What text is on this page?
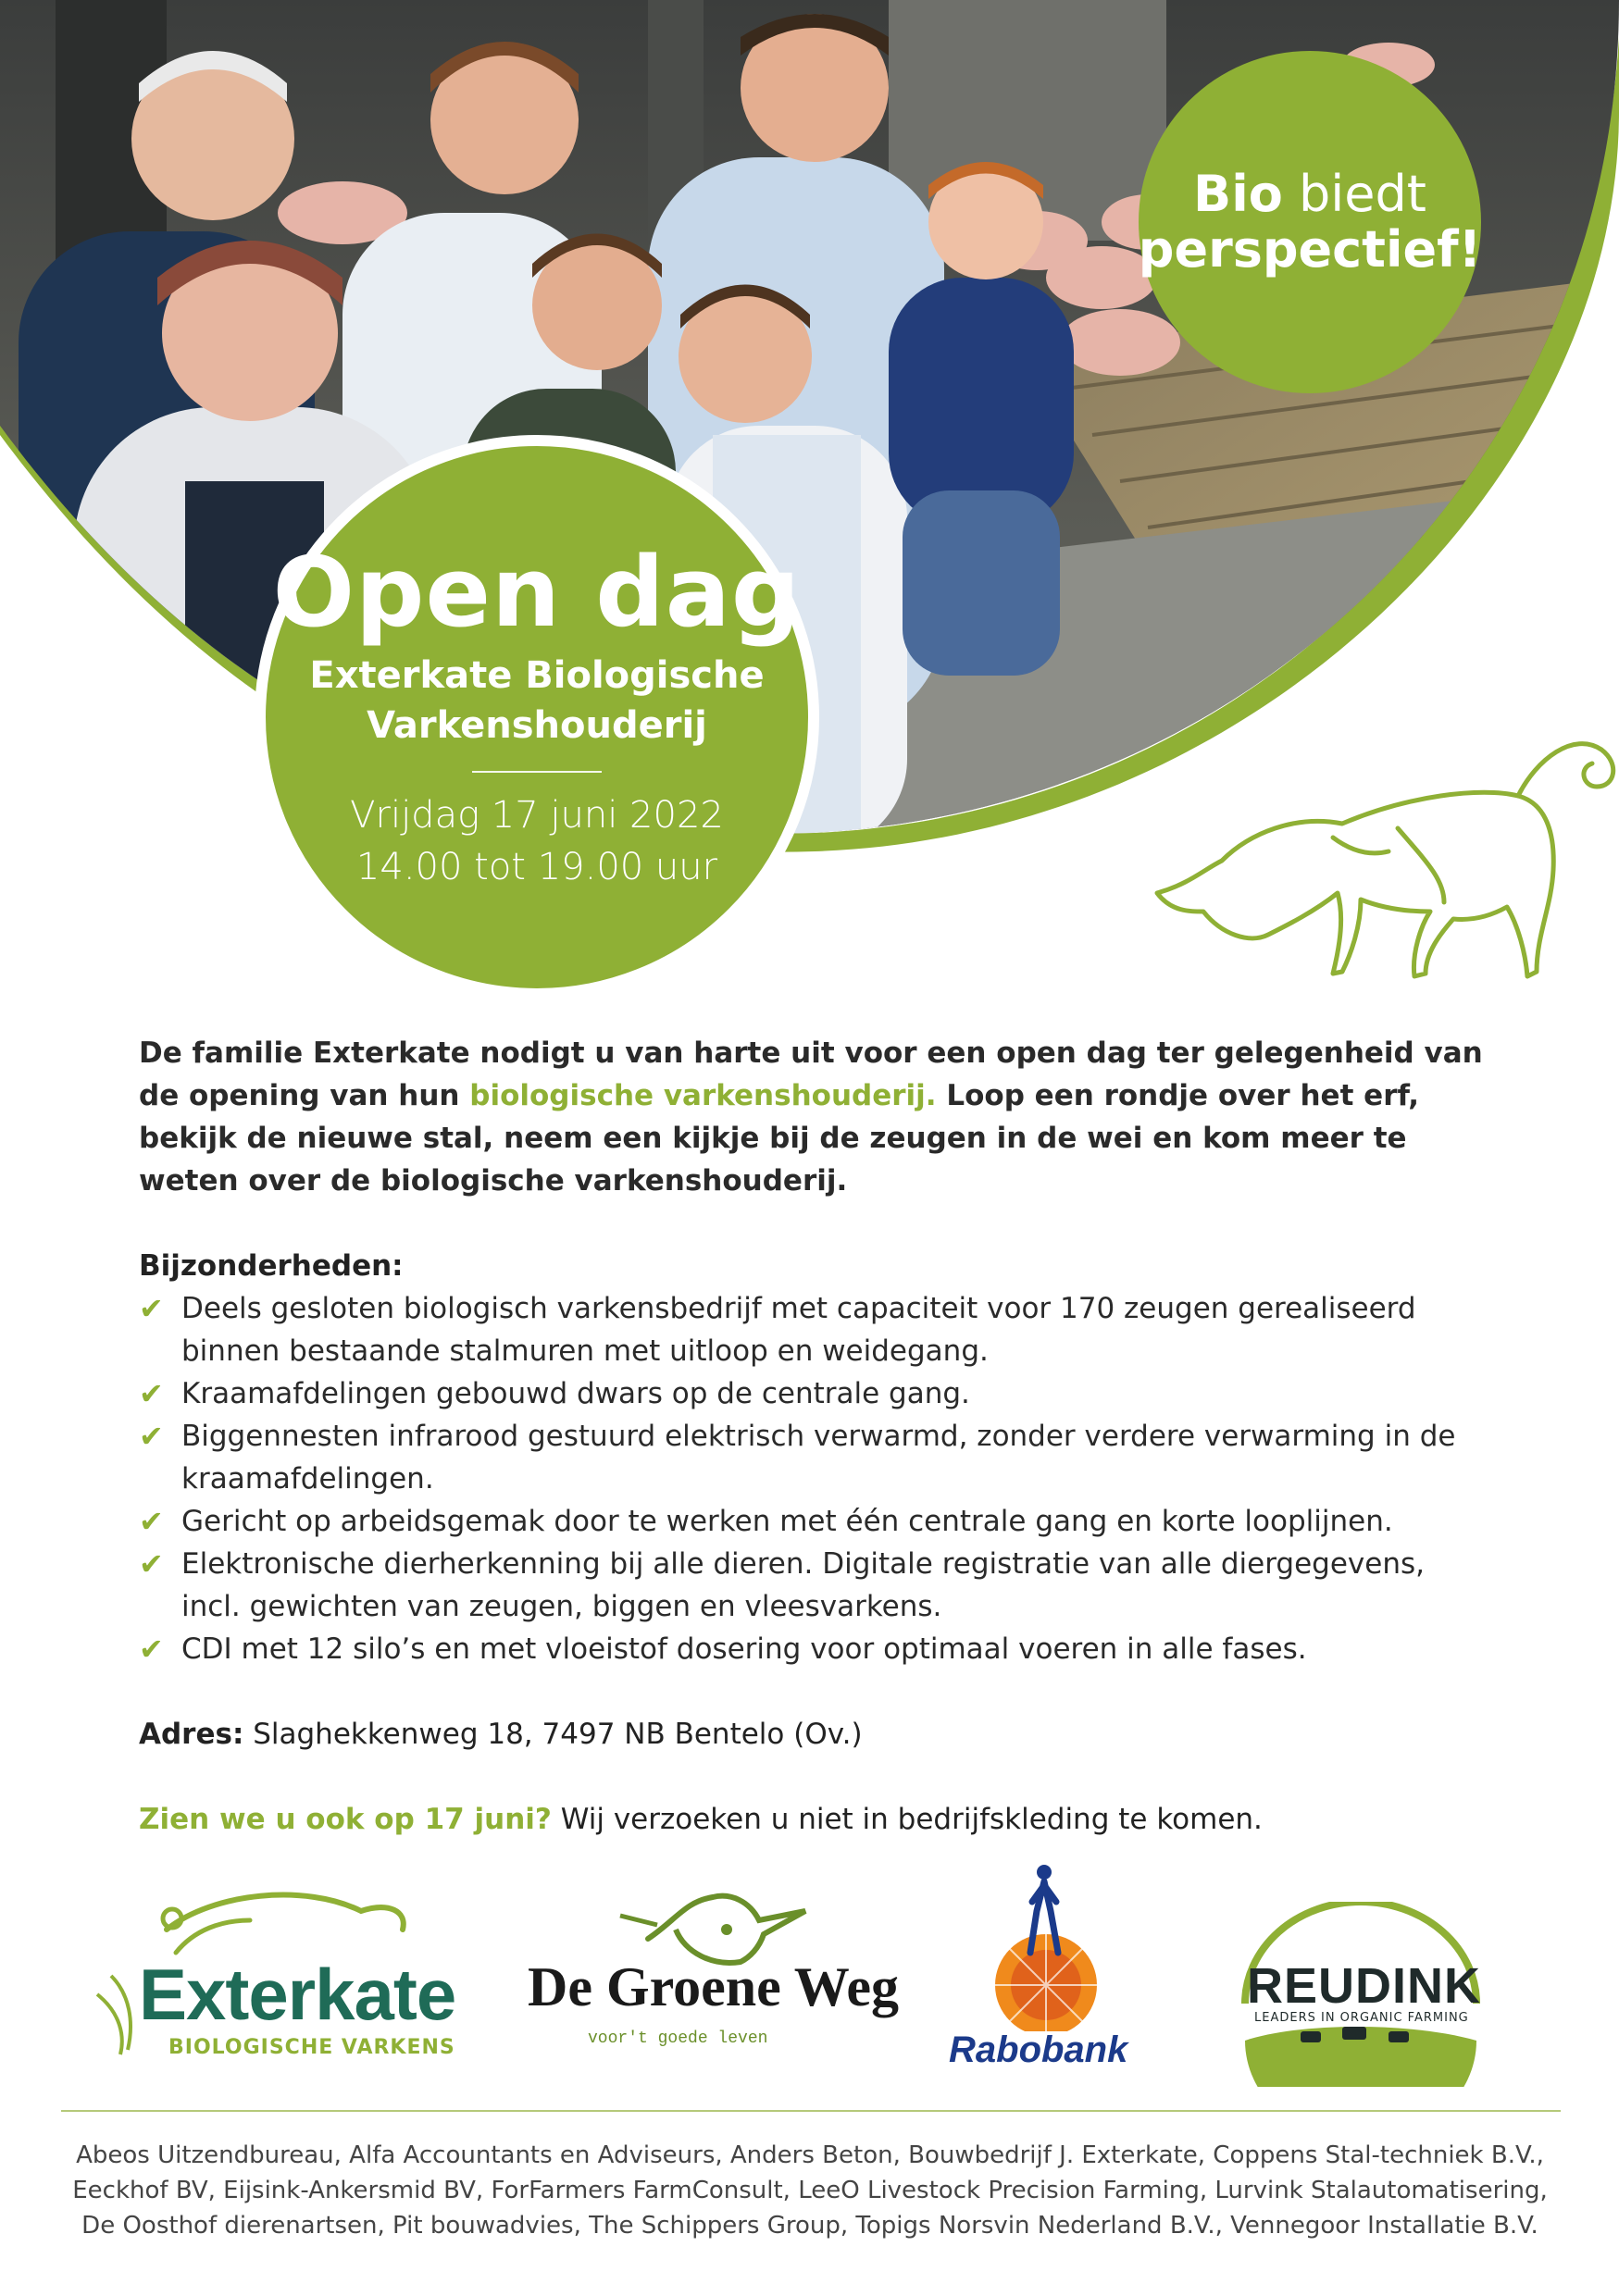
Bio biedt
perspectief!
Open dag
Exterkate Biologische
Varkenshouderij
Vrijdag 17 juni 2022
14.00 tot 19.00 uur

De familie Exterkate nodigt u van harte uit voor een open dag ter gelegenheid van de opening van hun biologische varkenshouderij. Loop een rondje over het erf, bekijk de nieuwe stal, neem een kijkje bij de zeugen in de wei en kom meer te weten over de biologische varkenshouderij.

Bijzonderheden:
✔ Deels gesloten biologisch varkensbedrijf met capaciteit voor 170 zeugen gerealiseerd binnen bestaande stalmuren met uitloop en weidegang.
✔ Kraamafdelingen gebouwd dwars op de centrale gang.
✔ Biggennesten infrarood gestuurd elektrisch verwarmd, zonder verdere verwarming in de kraamafdelingen.
✔ Gericht op arbeidsgemak door te werken met één centrale gang en korte looplijnen.
✔ Elektronische dierherkenning bij alle dieren. Digitale registratie van alle diergegevens, incl. gewichten van zeugen, biggen en vleesvarkens.
✔ CDI met 12 silo’s en met vloeistof dosering voor optimaal voeren in alle fases.

Adres: Slaghekkenweg 18, 7497 NB Bentelo (Ov.)

Zien we u ook op 17 juni? Wij verzoeken u niet in bedrijfskleding te komen.

Exterkate
BIOLOGISCHE VARKENS
De Groene Weg
voor't goede leven	Rabobank
REUDINK
LEADERS IN ORGANIC FARMING
Abeos Uitzendbureau, Alfa Accountants en Adviseurs, Anders Beton, Bouwbedrijf J. Exterkate, Coppens Stal-techniek B.V.,
Eeckhof BV, Eijsink-Ankersmid BV, ForFarmers FarmConsult, LeeO Livestock Precision Farming, Lurvink Stalautomatisering,
De Oosthof dierenartsen, Pit bouwadvies, The Schippers Group, Topigs Norsvin Nederland B.V., Vennegoor Installatie B.V.
